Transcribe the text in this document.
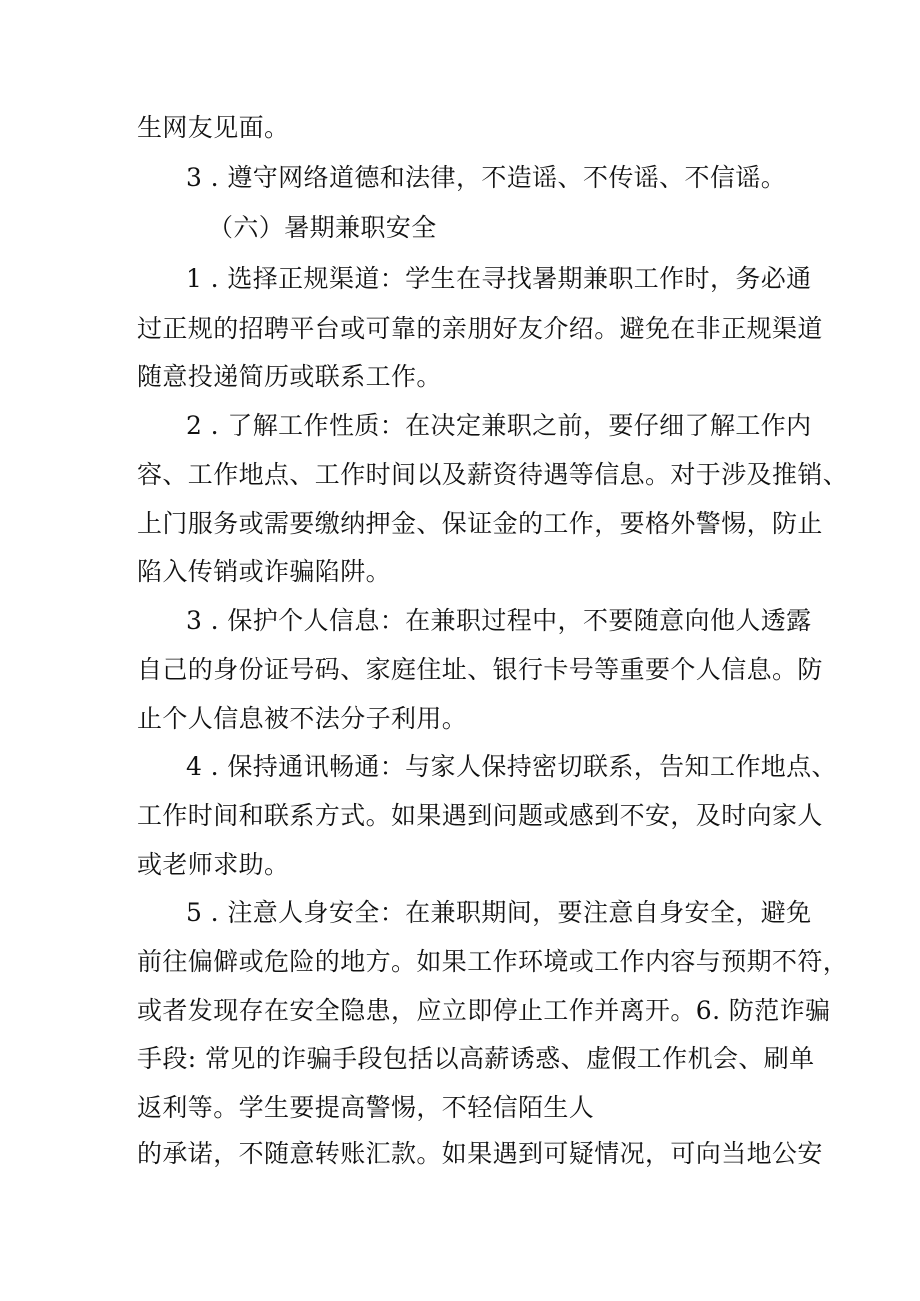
生网友见面。
3 . 遵守网络道德和法律，不造谣、不传谣、不信谣。
（六）暑期兼职安全
1 . 选择正规渠道：学生在寻找暑期兼职工作时，务必通
过正规的招聘平台或可靠的亲朋好友介绍。避免在非正规渠道
随意投递简历或联系工作。
2 . 了解工作性质：在决定兼职之前，要仔细了解工作内
容、工作地点、工作时间以及薪资待遇等信息。对于涉及推销、
上门服务或需要缴纳押金、保证金的工作，要格外警惕，防止
陷入传销或诈骗陷阱。
3 . 保护个人信息：在兼职过程中，不要随意向他人透露
自己的身份证号码、家庭住址、银行卡号等重要个人信息。防
止个人信息被不法分子利用。
4 . 保持通讯畅通：与家人保持密切联系，告知工作地点、
工作时间和联系方式。如果遇到问题或感到不安，及时向家人
或老师求助。
5 . 注意人身安全：在兼职期间，要注意自身安全，避免
前往偏僻或危险的地方。如果工作环境或工作内容与预期不符，
或者发现存在安全隐患，应立即停止工作并离开。6. 防范诈骗
手段: 常见的诈骗手段包括以高薪诱惑、虚假工作机会、刷单
返利等。学生要提高警惕，不轻信陌生人
的承诺，不随意转账汇款。如果遇到可疑情况，可向当地公安
